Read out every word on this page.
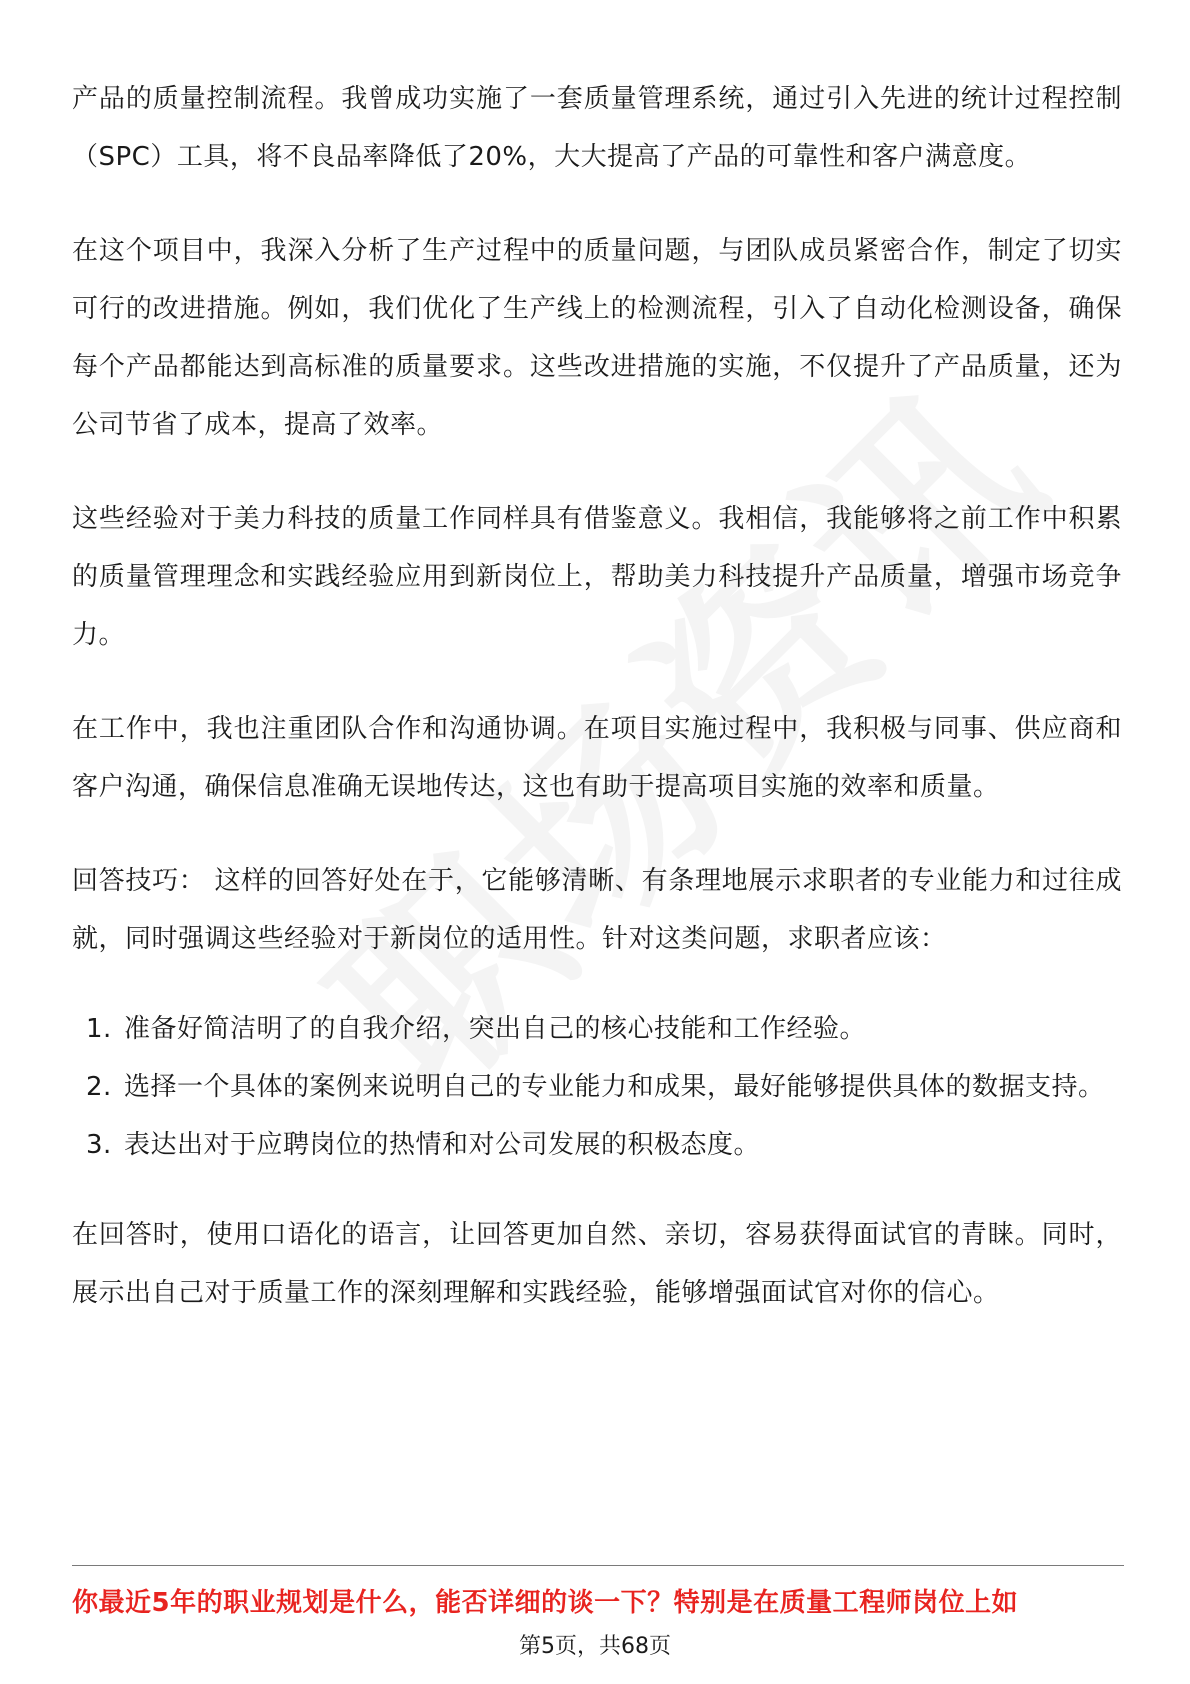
产品的质量控制流程。我曾成功实施了一套质量管理系统，通过引入先进的统计过程控制（SPC）工具，将不良品率降低了20%，大大提高了产品的可靠性和客户满意度。

在这个项目中，我深入分析了生产过程中的质量问题，与团队成员紧密合作，制定了切实可行的改进措施。例如，我们优化了生产线上的检测流程，引入了自动化检测设备，确保每个产品都能达到高标准的质量要求。这些改进措施的实施，不仅提升了产品质量，还为公司节省了成本，提高了效率。

这些经验对于美力科技的质量工作同样具有借鉴意义。我相信，我能够将之前工作中积累的质量管理理念和实践经验应用到新岗位上，帮助美力科技提升产品质量，增强市场竞争力。

在工作中，我也注重团队合作和沟通协调。在项目实施过程中，我积极与同事、供应商和客户沟通，确保信息准确无误地传达，这也有助于提高项目实施的效率和质量。

回答技巧： 这样的回答好处在于，它能够清晰、有条理地展示求职者的专业能力和过往成就，同时强调这些经验对于新岗位的适用性。针对这类问题，求职者应该：

1. 准备好简洁明了的自我介绍，突出自己的核心技能和工作经验。
2. 选择一个具体的案例来说明自己的专业能力和成果，最好能够提供具体的数据支持。
3. 表达出对于应聘岗位的热情和对公司发展的积极态度。

在回答时，使用口语化的语言，让回答更加自然、亲切，容易获得面试官的青睐。同时，展示出自己对于质量工作的深刻理解和实践经验，能够增强面试官对你的信心。

你最近5年的职业规划是什么，能否详细的谈一下？特别是在质量工程师岗位上如
第5页，共68页
